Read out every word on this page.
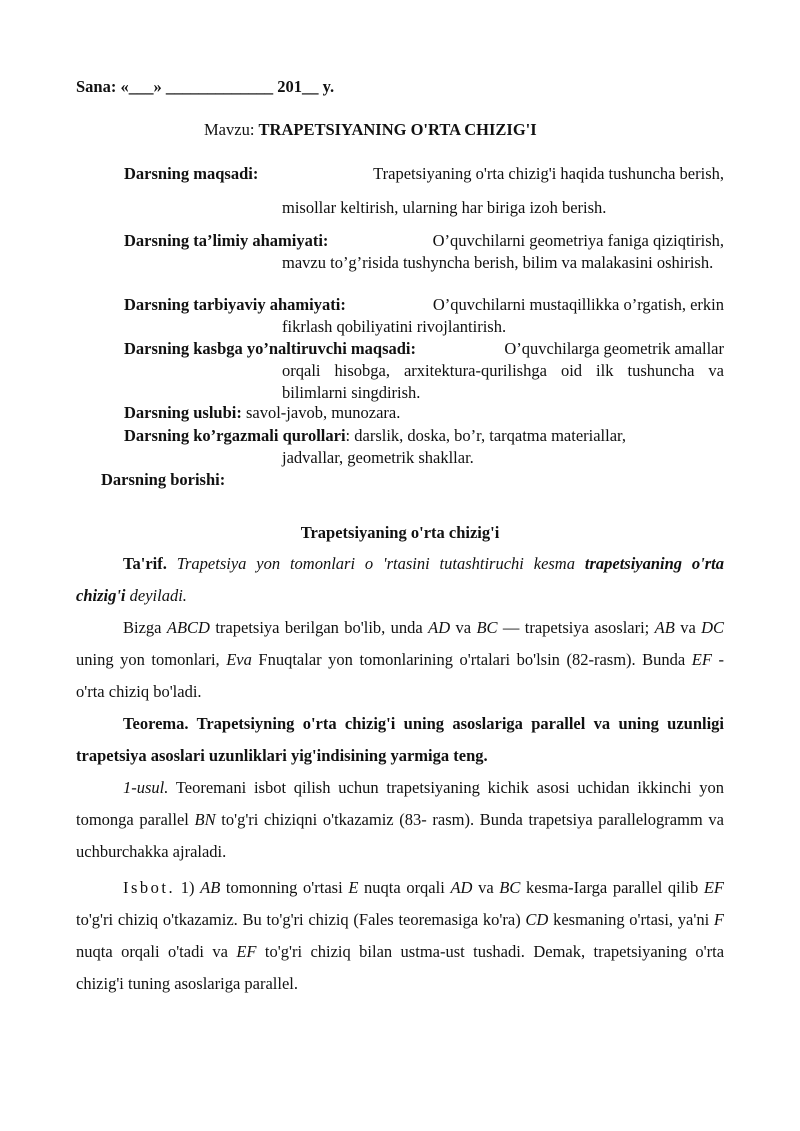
Sana: «___» _____________ 201__ y.
Mavzu: TRAPETSIYANING O'RTA CHIZIG'I
Darsning maqsadi:	Trapetsiyaning o'rta chizig'i haqida tushuncha berish,
misollar keltirish, ularning har biriga izoh berish.
Darsning ta’limiy ahamiyati:	O’quvchilarni geometriya faniga qiziqtirish,
mavzu to’g’risida tushyncha berish, bilim va malakasini oshirish.
Darsning tarbiyaviy ahamiyati:	O’quvchilarni mustaqillikka o’rgatish, erkin
fikrlash qobiliyatini rivojlantirish.
Darsning kasbga yo’naltiruvchi maqsadi:	O’quvchilarga geometrik amallar
orqali hisobga, arxitektura-qurilishga oid ilk tushuncha va bilimlarni singdirish.
Darsning uslubi: savol-javob, munozara.
Darsning ko’rgazmali qurollari: darslik, doska, bo’r, tarqatma materiallar,
jadvallar, geometrik shakllar.
Darsning borishi:
Trapetsiyaning o'rta chizig'i

Ta'rif. Trapetsiya yon tomonlari o 'rtasini tutashtiruchi kesma trapetsiyaning o'rta chizig'i deyiladi.

Bizga ABCD trapetsiya berilgan bo'lib, unda AD va BC — trapetsiya asoslari; AB va DC uning yon tomonlari, Eva Fnuqtalar yon tomonlarining o'rtalari bo'lsin (82-rasm). Bunda EF - o'rta chiziq bo'ladi.

Teorema. Trapetsiyning o'rta chizig'i uning asoslariga parallel va uning uzunligi trapetsiya asoslari uzunliklari yig'indisining yarmiga teng.

1-usul. Teoremani isbot qilish uchun trapetsiyaning kichik asosi uchidan ikkinchi yon tomonga parallel BN to'g'ri chiziqni o'tkazamiz (83- rasm). Bunda trapetsiya parallelogramm va uchburchakka ajraladi.

Isbot. 1) AB tomonning o'rtasi E nuqta orqali AD va BC kesma-Iarga parallel qilib EF to'g'ri chiziq o'tkazamiz. Bu to'g'ri chiziq (Fales teoremasiga ko'ra) CD kesmaning o'rtasi, ya'ni F nuqta orqali o'tadi va EF to'g'ri chiziq bilan ustma-ust tushadi. Demak, trapetsiyaning o'rta chizig'i tuning asoslariga parallel.
